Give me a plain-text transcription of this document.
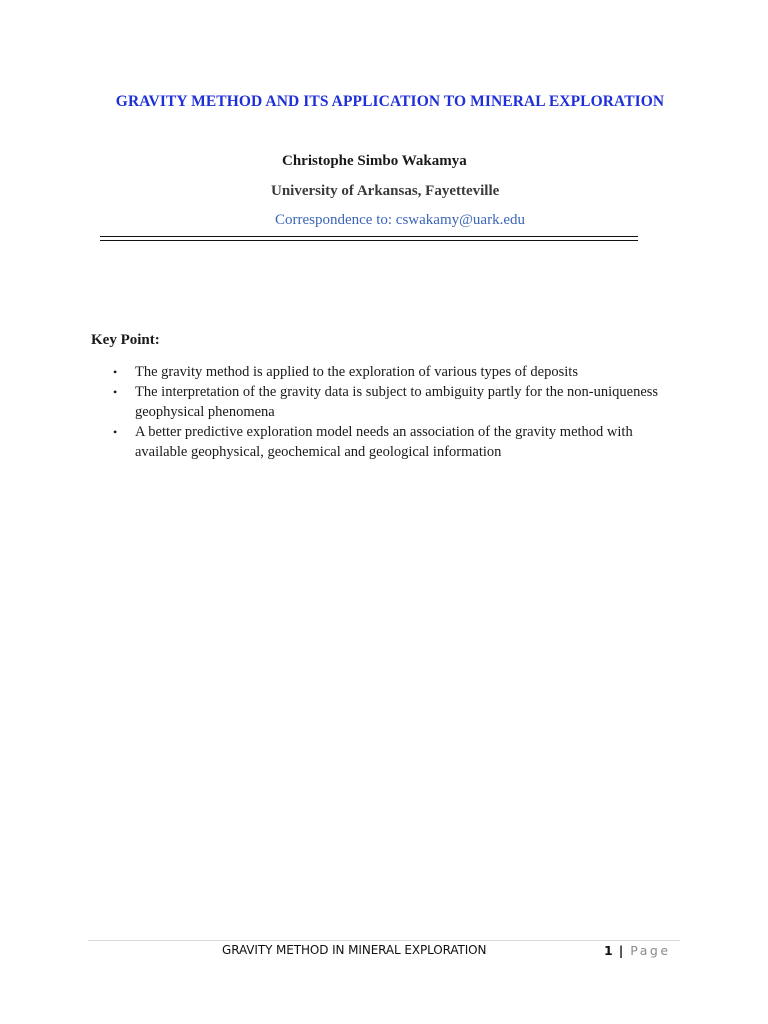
GRAVITY METHOD AND ITS APPLICATION TO MINERAL EXPLORATION

Christophe Simbo Wakamya

University of Arkansas, Fayetteville

Correspondence to: cswakamy@uark.edu

Key Point:
• The gravity method is applied to the exploration of various types of deposits
• The interpretation of the gravity data is subject to ambiguity partly for the non-uniqueness geophysical phenomena
• A better predictive exploration model needs an association of the gravity method with available geophysical, geochemical and geological information

GRAVITY METHOD IN MINERAL EXPLORATION	1 | Page
